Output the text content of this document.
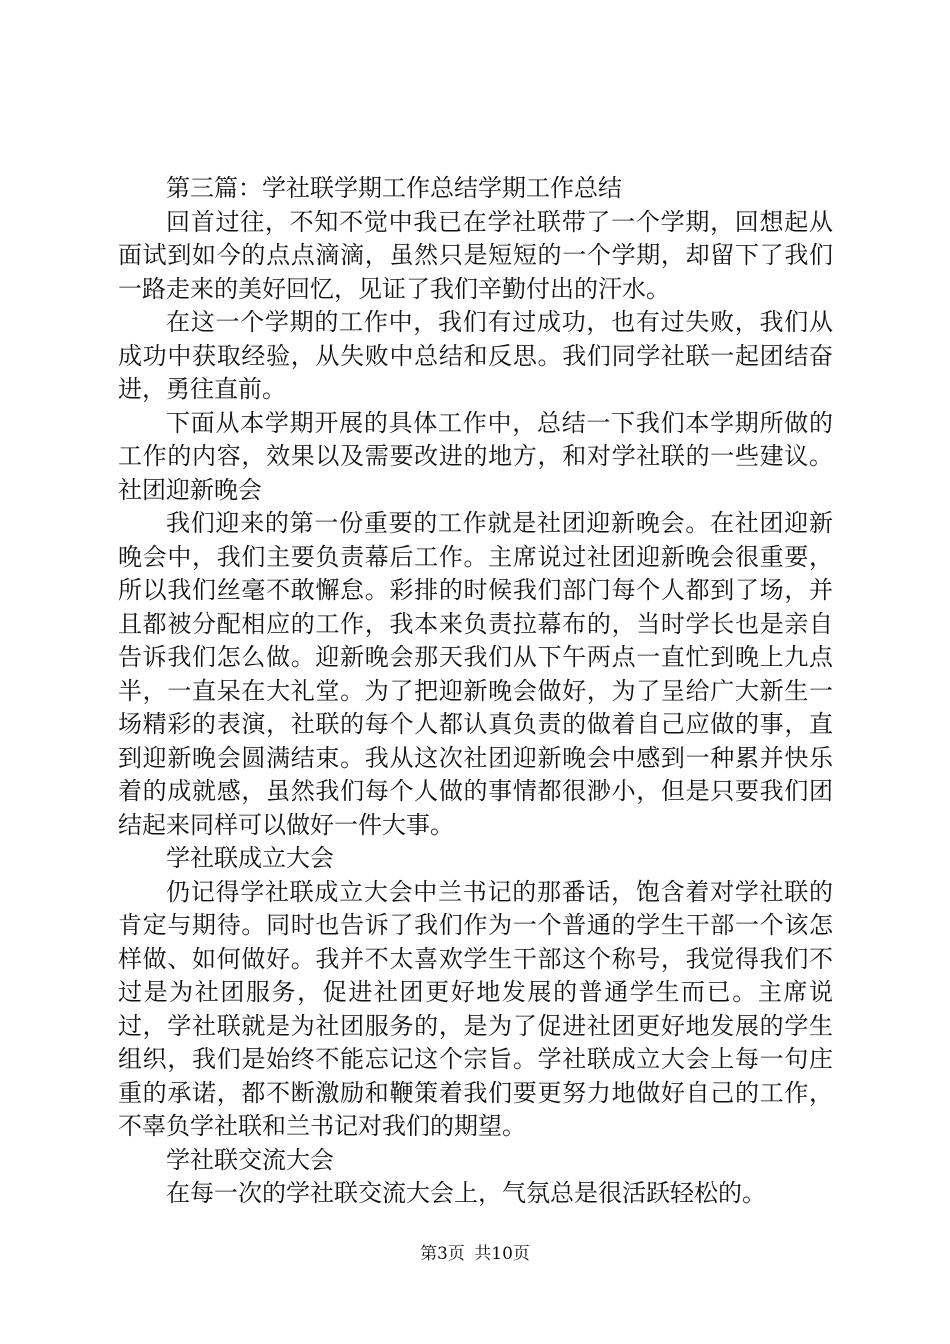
第三篇：学社联学期工作总结学期工作总结

回首过往，不知不觉中我已在学社联带了一个学期，回想起从面试到如今的点点滴滴，虽然只是短短的一个学期，却留下了我们一路走来的美好回忆，见证了我们辛勤付出的汗水。

在这一个学期的工作中，我们有过成功，也有过失败，我们从成功中获取经验，从失败中总结和反思。我们同学社联一起团结奋进，勇往直前。

下面从本学期开展的具体工作中，总结一下我们本学期所做的工作的内容，效果以及需要改进的地方，和对学社联的一些建议。社团迎新晚会

我们迎来的第一份重要的工作就是社团迎新晚会。在社团迎新晚会中，我们主要负责幕后工作。主席说过社团迎新晚会很重要，所以我们丝毫不敢懈怠。彩排的时候我们部门每个人都到了场，并且都被分配相应的工作，我本来负责拉幕布的，当时学长也是亲自告诉我们怎么做。迎新晚会那天我们从下午两点一直忙到晚上九点半，一直呆在大礼堂。为了把迎新晚会做好，为了呈给广大新生一场精彩的表演，社联的每个人都认真负责的做着自己应做的事，直到迎新晚会圆满结束。我从这次社团迎新晚会中感到一种累并快乐着的成就感，虽然我们每个人做的事情都很渺小，但是只要我们团结起来同样可以做好一件大事。

学社联成立大会

仍记得学社联成立大会中兰书记的那番话，饱含着对学社联的肯定与期待。同时也告诉了我们作为一个普通的学生干部一个该怎样做、如何做好。我并不太喜欢学生干部这个称号，我觉得我们不过是为社团服务，促进社团更好地发展的普通学生而已。主席说过，学社联就是为社团服务的，是为了促进社团更好地发展的学生组织，我们是始终不能忘记这个宗旨。学社联成立大会上每一句庄重的承诺，都不断激励和鞭策着我们要更努力地做好自己的工作，不辜负学社联和兰书记对我们的期望。

学社联交流大会

在每一次的学社联交流大会上，气氛总是很活跃轻松的。

第3页 共10页
